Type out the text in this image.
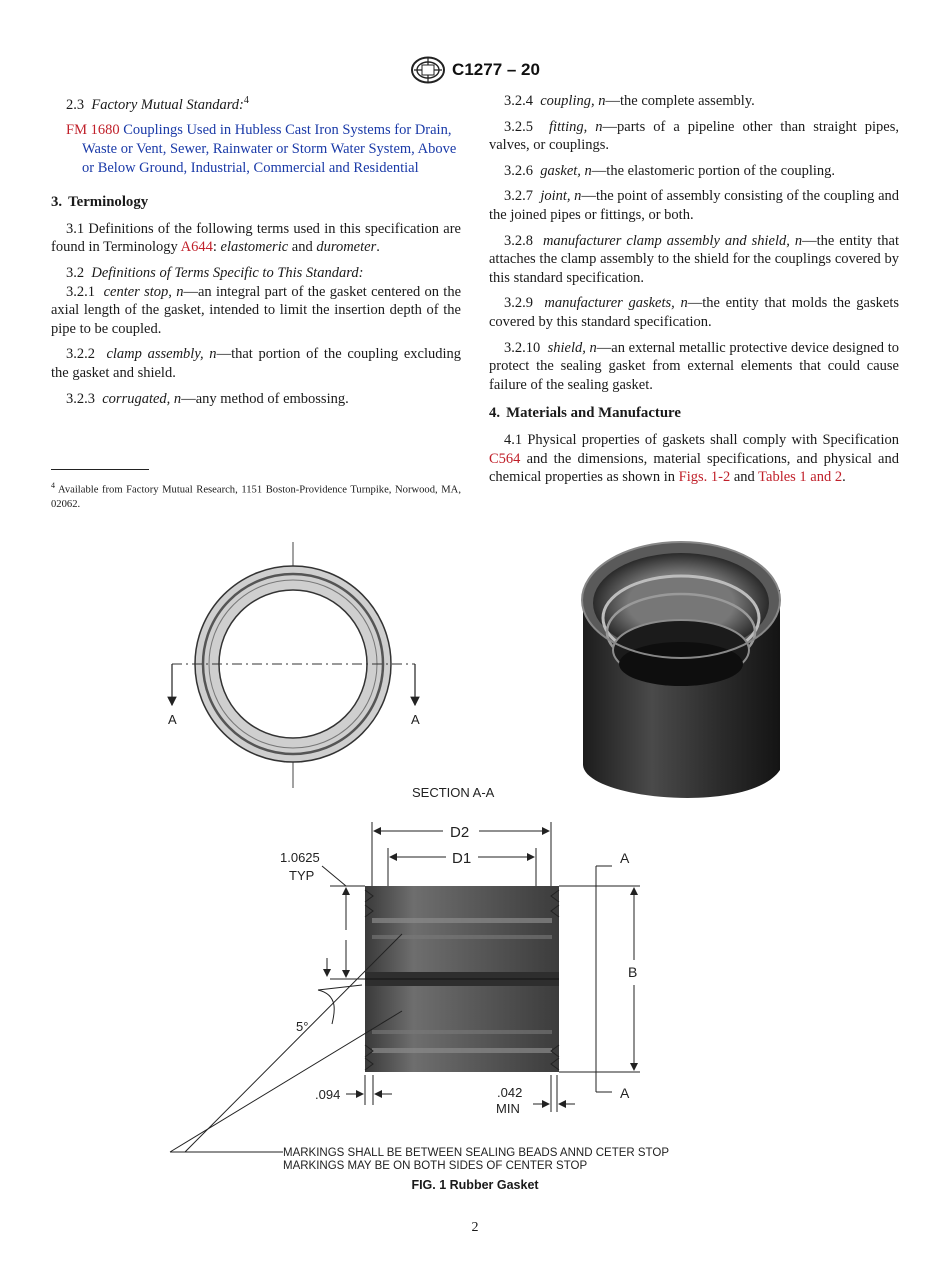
C1277 – 20

2.3 Factory Mutual Standard:$^4$

FM 1680 Couplings Used in Hubless Cast Iron Systems for Drain, Waste or Vent, Sewer, Rainwater or Storm Water System, Above or Below Ground, Industrial, Commercial and Residential

3. Terminology

3.1 Definitions of the following terms used in this specification are found in Terminology A644: elastomeric and durometer.

3.2 Definitions of Terms Specific to This Standard:

3.2.1 center stop, n—an integral part of the gasket centered on the axial length of the gasket, intended to limit the insertion depth of the pipe to be coupled.

3.2.2 clamp assembly, n—that portion of the coupling excluding the gasket and shield.

3.2.3 corrugated, n—any method of embossing.

$^4$ Available from Factory Mutual Research, 1151 Boston-Providence Turnpike, Norwood, MA, 02062.

3.2.4 coupling, n—the complete assembly.

3.2.5 fitting, n—parts of a pipeline other than straight pipes, valves, or couplings.

3.2.6 gasket, n—the elastomeric portion of the coupling.

3.2.7 joint, n—the point of assembly consisting of the coupling and the joined pipes or fittings, or both.

3.2.8 manufacturer clamp assembly and shield, n—the entity that attaches the clamp assembly to the shield for the couplings covered by this standard specification.

3.2.9 manufacturer gaskets, n—the entity that molds the gaskets covered by this standard specification.

3.2.10 shield, n—an external metallic protective device designed to protect the sealing gasket from external elements that could cause failure of the sealing gasket.

4. Materials and Manufacture

4.1 Physical properties of gaskets shall comply with Specification C564 and the dimensions, material specifications, and physical and chemical properties as shown in Figs. 1-2 and Tables 1 and 2.

A	A
SECTION A-A
D2
D1
1.0625
TYP
A
A
B
5°
.094	.042
MIN
MARKINGS SHALL BE BETWEEN SEALING BEADS ANND CETER STOP
MARKINGS MAY BE ON BOTH SIDES OF CENTER STOP
FIG. 1 Rubber Gasket
2
